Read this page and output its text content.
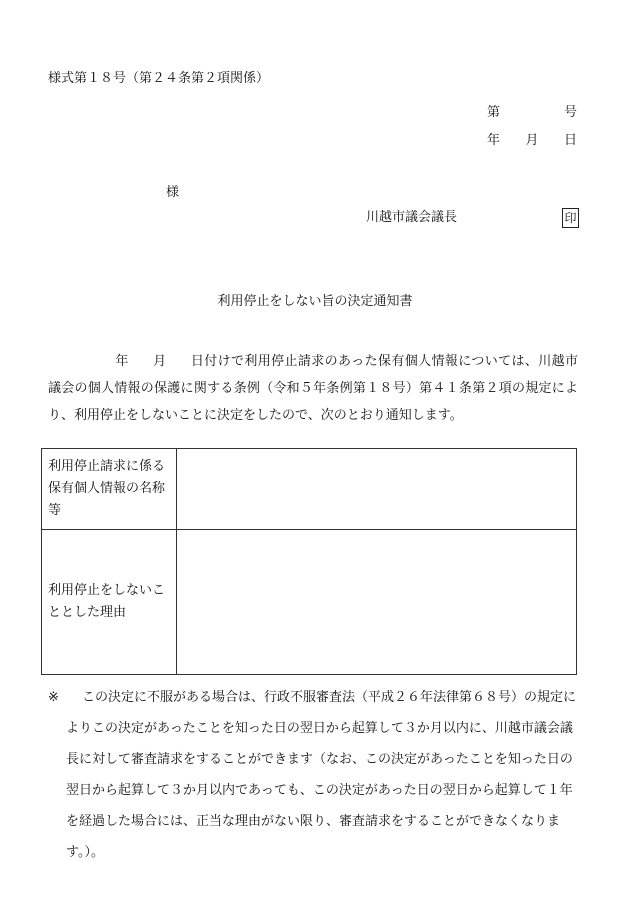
様式第１８号（第２４条第２項関係）
第	号
年 月 日
様
川越市議会議長	印
利用停止をしない旨の決定通知書
年 月 日付けで利用停止請求のあった保有個人情報については、川越市議会の個人情報の保護に関する条例（令和５年条例第１８号）第４１条第２項の規定により、利用停止をしないことに決定をしたので、次のとおり通知します。
利用停止請求に係る保有個人情報の名称等	
利用停止をしないこととした理由	
※	この決定に不服がある場合は、行政不服審査法（平成２６年法律第６８号）の規定によりこの決定があったことを知った日の翌日から起算して３か月以内に、川越市議会議長に対して審査請求をすることができます（なお、この決定があったことを知った日の翌日から起算して３か月以内であっても、この決定があった日の翌日から起算して１年を経過した場合には、正当な理由がない限り、審査請求をすることができなくなります。）。
